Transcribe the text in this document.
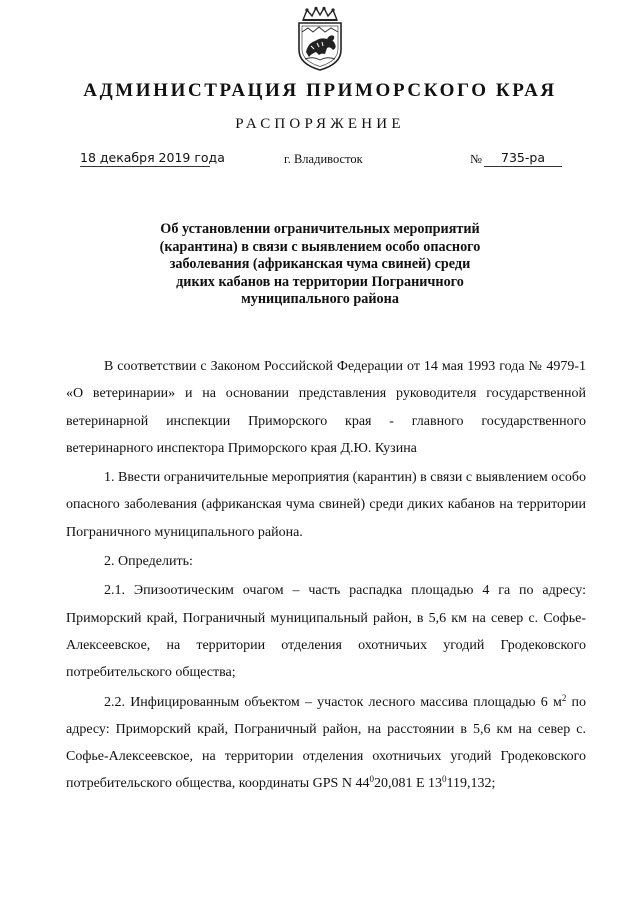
АДМИНИСТРАЦИЯ ПРИМОРСКОГО КРАЯ
РАСПОРЯЖЕНИЕ
18 декабря 2019 года	г. Владивосток	№	735-ра
Об установлении ограничительных мероприятий
(карантина) в связи с выявлением особо опасного
заболевания (африканская чума свиней) среди
диких кабанов на территории Пограничного
муниципального района

В соответствии с Законом Российской Федерации от 14 мая 1993 года № 4979-1 «О ветеринарии» и на основании представления руководителя государственной ветеринарной инспекции Приморского края - главного государственного ветеринарного инспектора Приморского края Д.Ю. Кузина

1. Ввести ограничительные мероприятия (карантин) в связи с выявлением особо опасного заболевания (африканская чума свиней) среди диких кабанов на территории Пограничного муниципального района.

2. Определить:

2.1. Эпизоотическим очагом – часть распадка площадью 4 га по адресу: Приморский край, Пограничный муниципальный район, в 5,6 км на север с. Софье-Алексеевское, на территории отделения охотничьих угодий Гродековского потребительского общества;

2.2. Инфицированным объектом – участок лесного массива площадью 6 $м^2$ по адресу: Приморский край, Пограничный район, на расстоянии в 5,6 км на север с. Софье-Алексеевское, на территории отделения охотничьих угодий Гродековского потребительского общества, координаты GPS N $44^020,081$ E $13^0119,132$;
